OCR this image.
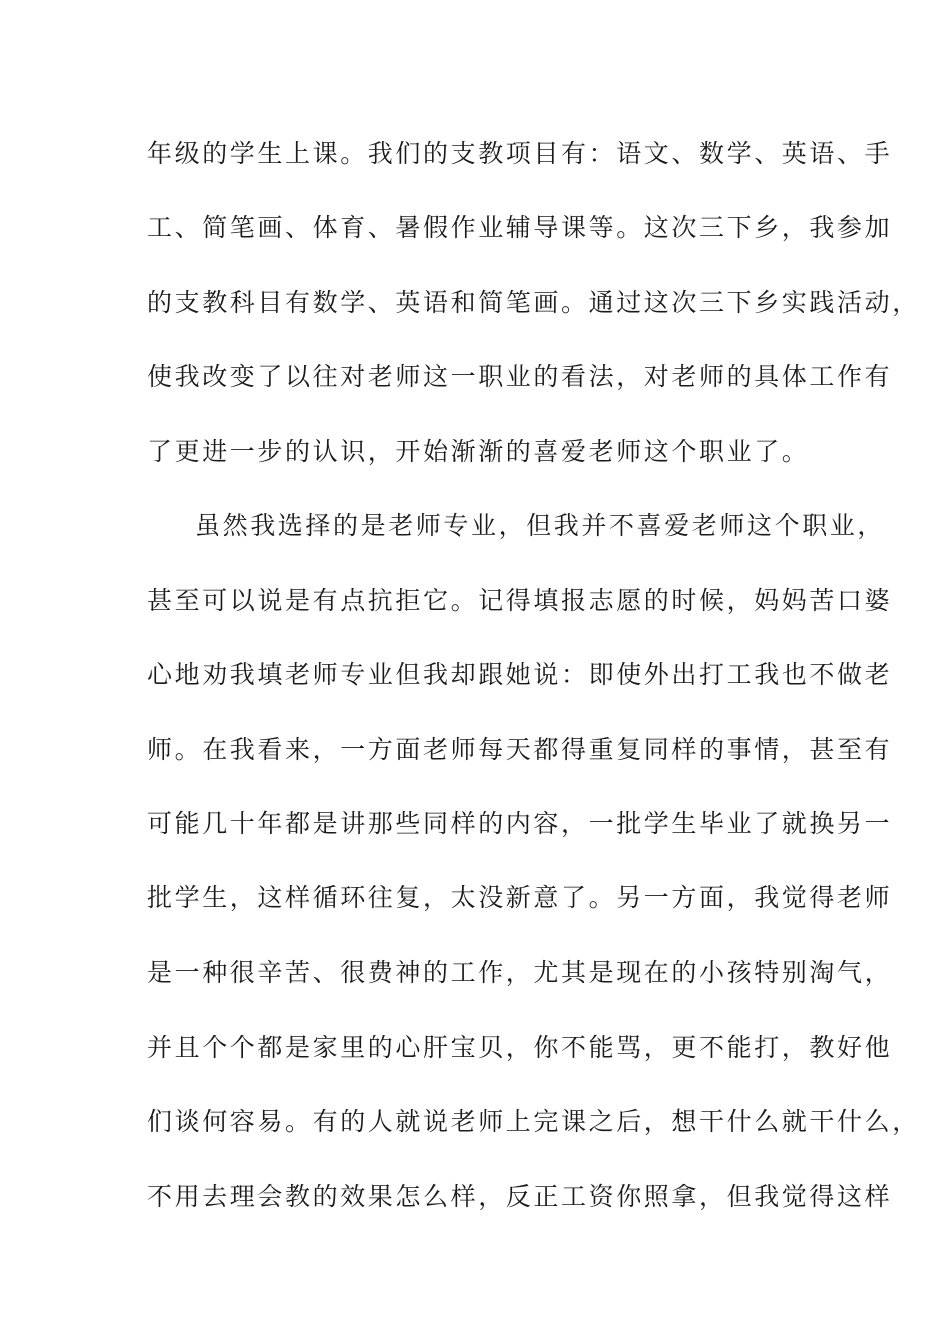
年级的学生上课。我们的支教项目有：语文、数学、英语、手

工、简笔画、体育、暑假作业辅导课等。这次三下乡，我参加

的支教科目有数学、英语和简笔画。通过这次三下乡实践活动，

使我改变了以往对老师这一职业的看法，对老师的具体工作有

了更进一步的认识，开始渐渐的喜爱老师这个职业了。

虽然我选择的是老师专业，但我并不喜爱老师这个职业，

甚至可以说是有点抗拒它。记得填报志愿的时候，妈妈苦口婆

心地劝我填老师专业但我却跟她说：即使外出打工我也不做老

师。在我看来，一方面老师每天都得重复同样的事情，甚至有

可能几十年都是讲那些同样的内容，一批学生毕业了就换另一

批学生，这样循环往复，太没新意了。另一方面，我觉得老师

是一种很辛苦、很费神的工作，尤其是现在的小孩特别淘气，

并且个个都是家里的心肝宝贝，你不能骂，更不能打，教好他

们谈何容易。有的人就说老师上完课之后，想干什么就干什么，

不用去理会教的效果怎么样，反正工资你照拿，但我觉得这样
